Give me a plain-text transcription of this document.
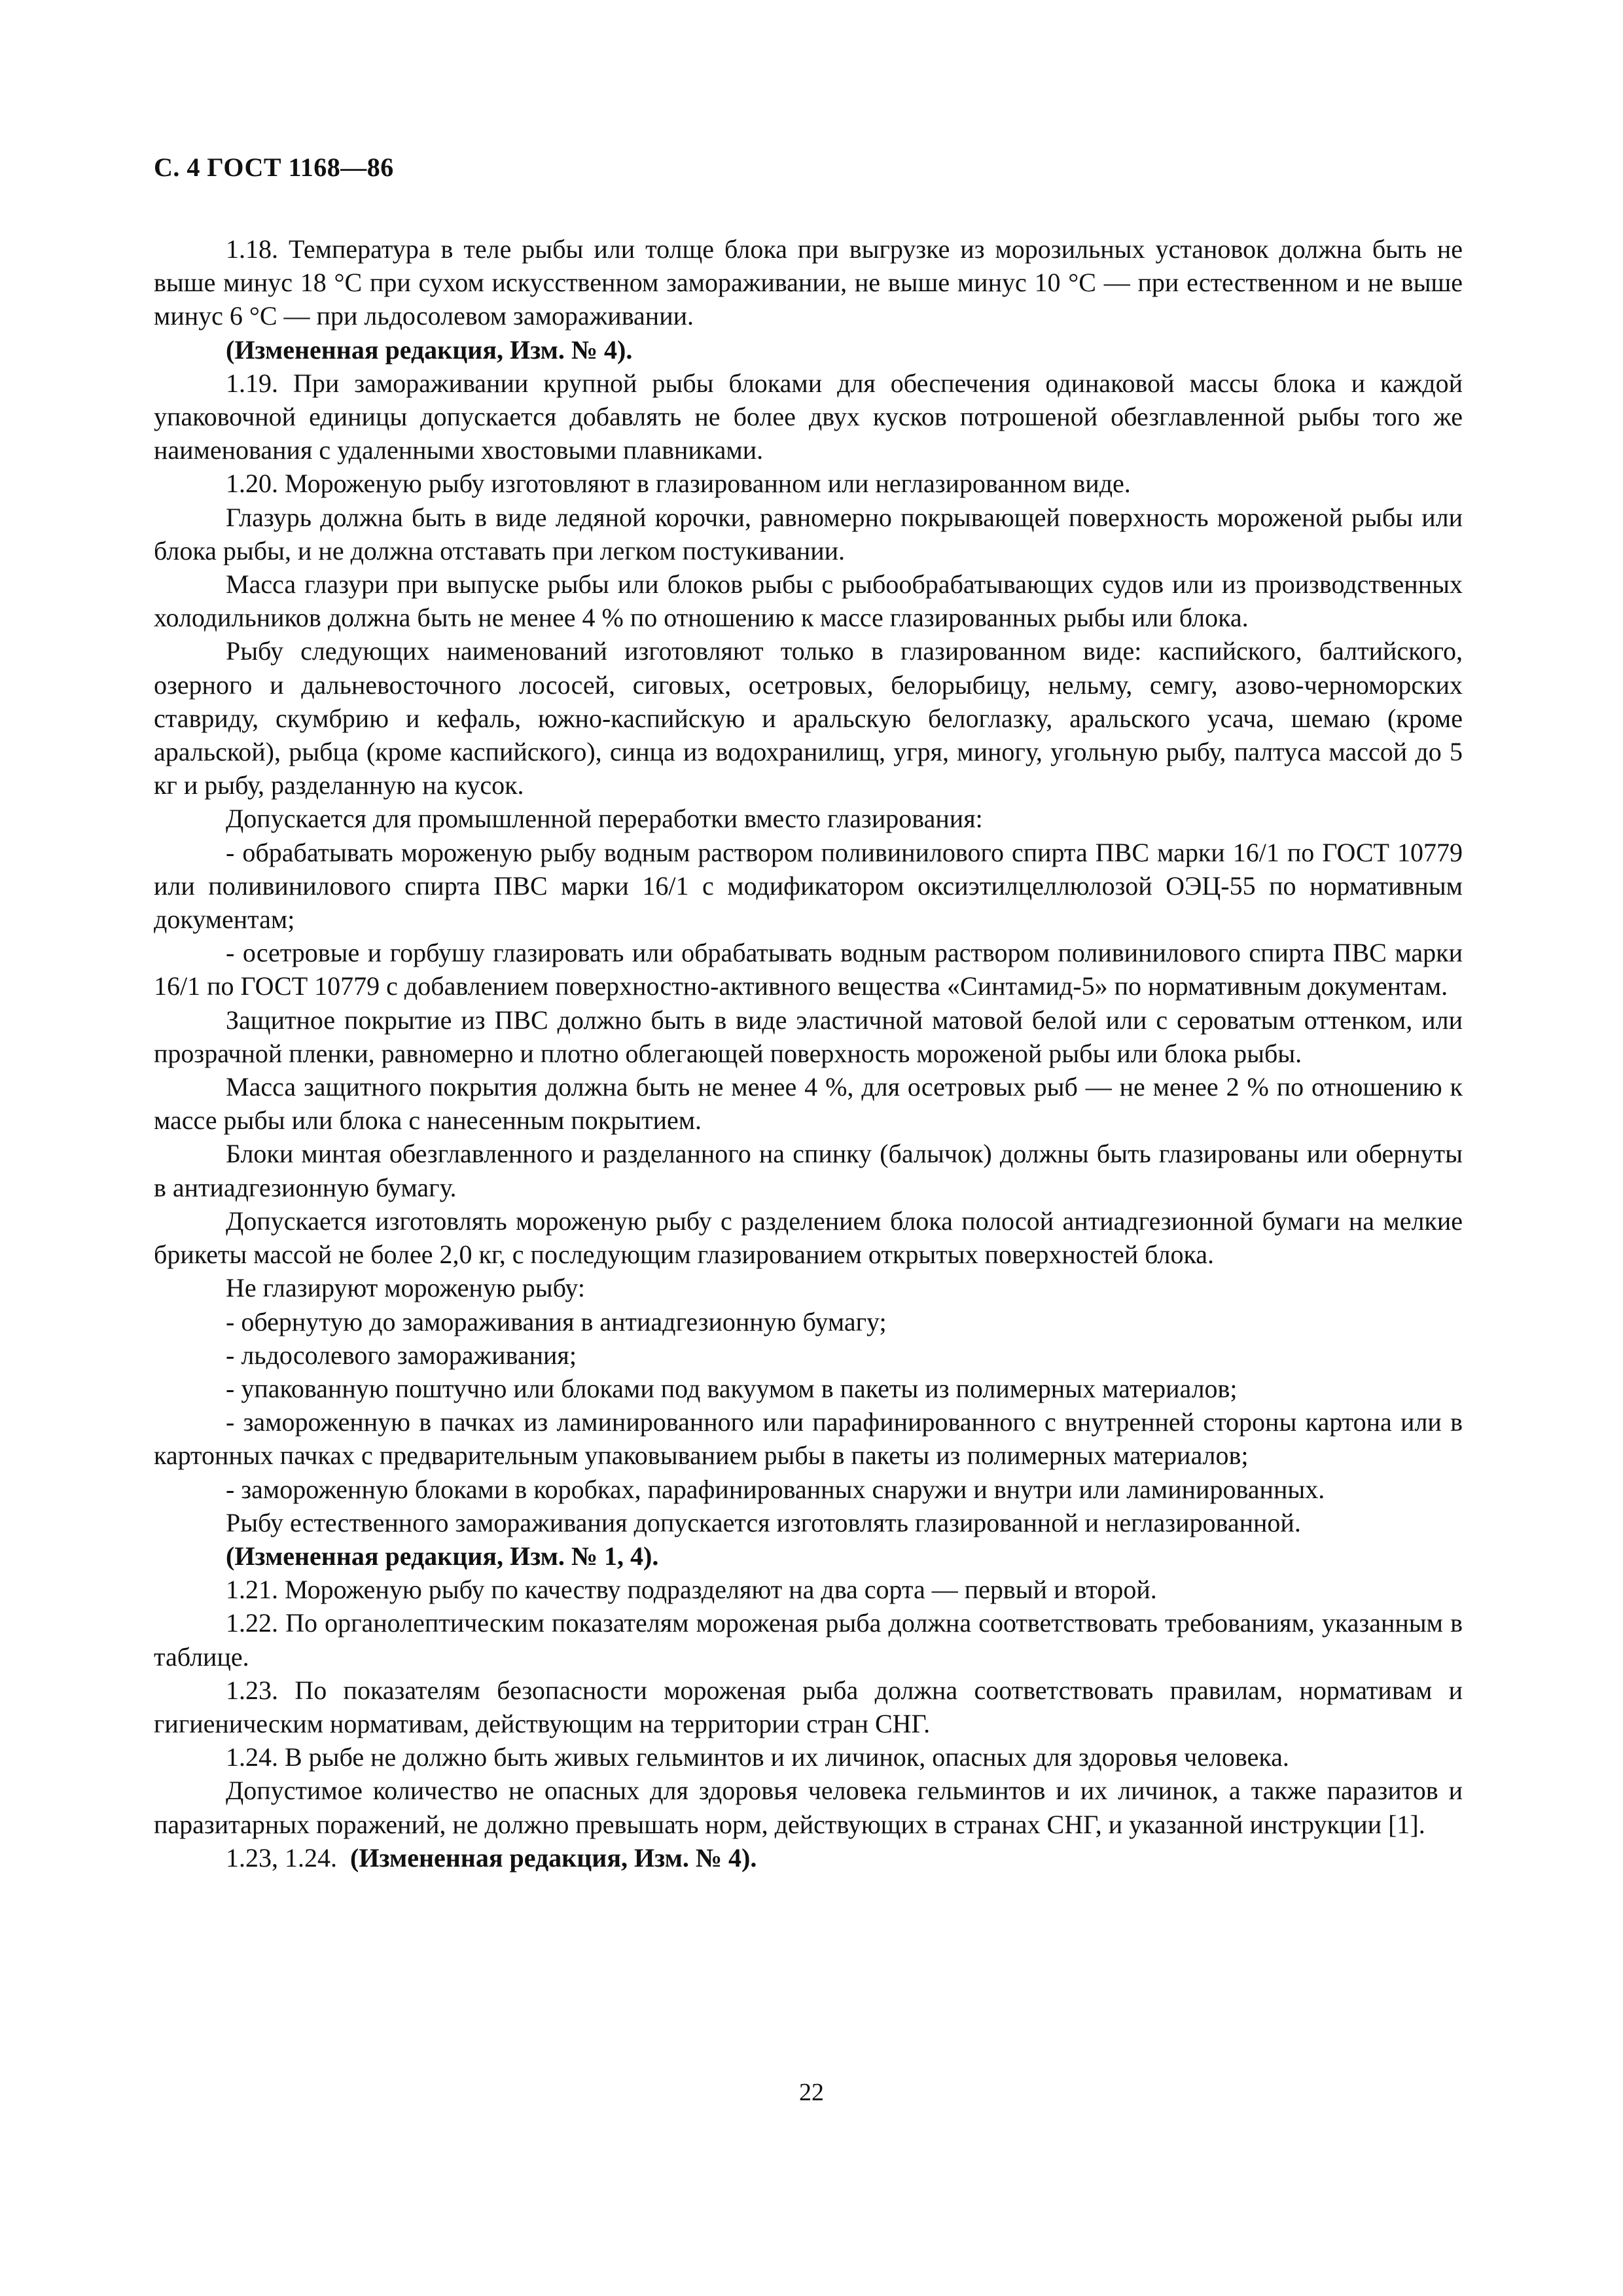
С. 4 ГОСТ 1168—86

1.18. Температура в теле рыбы или толще блока при выгрузке из морозильных установок должна быть не выше минус 18 °С при сухом искусственном замораживании, не выше минус 10 °С — при естественном и не выше минус 6 °С — при льдосолевом замораживании.

(Измененная редакция, Изм. № 4).

1.19. При замораживании крупной рыбы блоками для обеспечения одинаковой массы блока и каждой упаковочной единицы допускается добавлять не более двух кусков потрошеной обезглавленной рыбы того же наименования с удаленными хвостовыми плавниками.

1.20. Мороженую рыбу изготовляют в глазированном или неглазированном виде.

Глазурь должна быть в виде ледяной корочки, равномерно покрывающей поверхность мороженой рыбы или блока рыбы, и не должна отставать при легком постукивании.

Масса глазури при выпуске рыбы или блоков рыбы с рыбообрабатывающих судов или из производственных холодильников должна быть не менее 4 % по отношению к массе глазированных рыбы или блока.

Рыбу следующих наименований изготовляют только в глазированном виде: каспийского, балтийского, озерного и дальневосточного лососей, сиговых, осетровых, белорыбицу, нельму, семгу, азово-черноморских ставриду, скумбрию и кефаль, южно-каспийскую и аральскую белоглазку, аральского усача, шемаю (кроме аральской), рыбца (кроме каспийского), синца из водохранилищ, угря, миногу, угольную рыбу, палтуса массой до 5 кг и рыбу, разделанную на кусок.

Допускается для промышленной переработки вместо глазирования:

- обрабатывать мороженую рыбу водным раствором поливинилового спирта ПВС марки 16/1 по ГОСТ 10779 или поливинилового спирта ПВС марки 16/1 с модификатором оксиэтилцеллюлозой ОЭЦ-55 по нормативным документам;

- осетровые и горбушу глазировать или обрабатывать водным раствором поливинилового спирта ПВС марки 16/1 по ГОСТ 10779 с добавлением поверхностно-активного вещества «Синтамид-5» по нормативным документам.

Защитное покрытие из ПВС должно быть в виде эластичной матовой белой или с сероватым оттенком, или прозрачной пленки, равномерно и плотно облегающей поверхность мороженой рыбы или блока рыбы.

Масса защитного покрытия должна быть не менее 4 %, для осетровых рыб — не менее 2 % по отношению к массе рыбы или блока с нанесенным покрытием.

Блоки минтая обезглавленного и разделанного на спинку (балычок) должны быть глазированы или обернуты в антиадгезионную бумагу.

Допускается изготовлять мороженую рыбу с разделением блока полосой антиадгезионной бумаги на мелкие брикеты массой не более 2,0 кг, с последующим глазированием открытых поверхностей блока.

Не глазируют мороженую рыбу:

- обернутую до замораживания в антиадгезионную бумагу;

- льдосолевого замораживания;

- упакованную поштучно или блоками под вакуумом в пакеты из полимерных материалов;

- замороженную в пачках из ламинированного или парафинированного с внутренней стороны картона или в картонных пачках с предварительным упаковыванием рыбы в пакеты из полимерных материалов;

- замороженную блоками в коробках, парафинированных снаружи и внутри или ламинированных.

Рыбу естественного замораживания допускается изготовлять глазированной и неглазированной.

(Измененная редакция, Изм. № 1, 4).

1.21. Мороженую рыбу по качеству подразделяют на два сорта — первый и второй.

1.22. По органолептическим показателям мороженая рыба должна соответствовать требованиям, указанным в таблице.

1.23. По показателям безопасности мороженая рыба должна соответствовать правилам, нормативам и гигиеническим нормативам, действующим на территории стран СНГ.

1.24. В рыбе не должно быть живых гельминтов и их личинок, опасных для здоровья человека.

Допустимое количество не опасных для здоровья человека гельминтов и их личинок, а также паразитов и паразитарных поражений, не должно превышать норм, действующих в странах СНГ, и указанной инструкции [1].

1.23, 1.24. (Измененная редакция, Изм. № 4).

22
